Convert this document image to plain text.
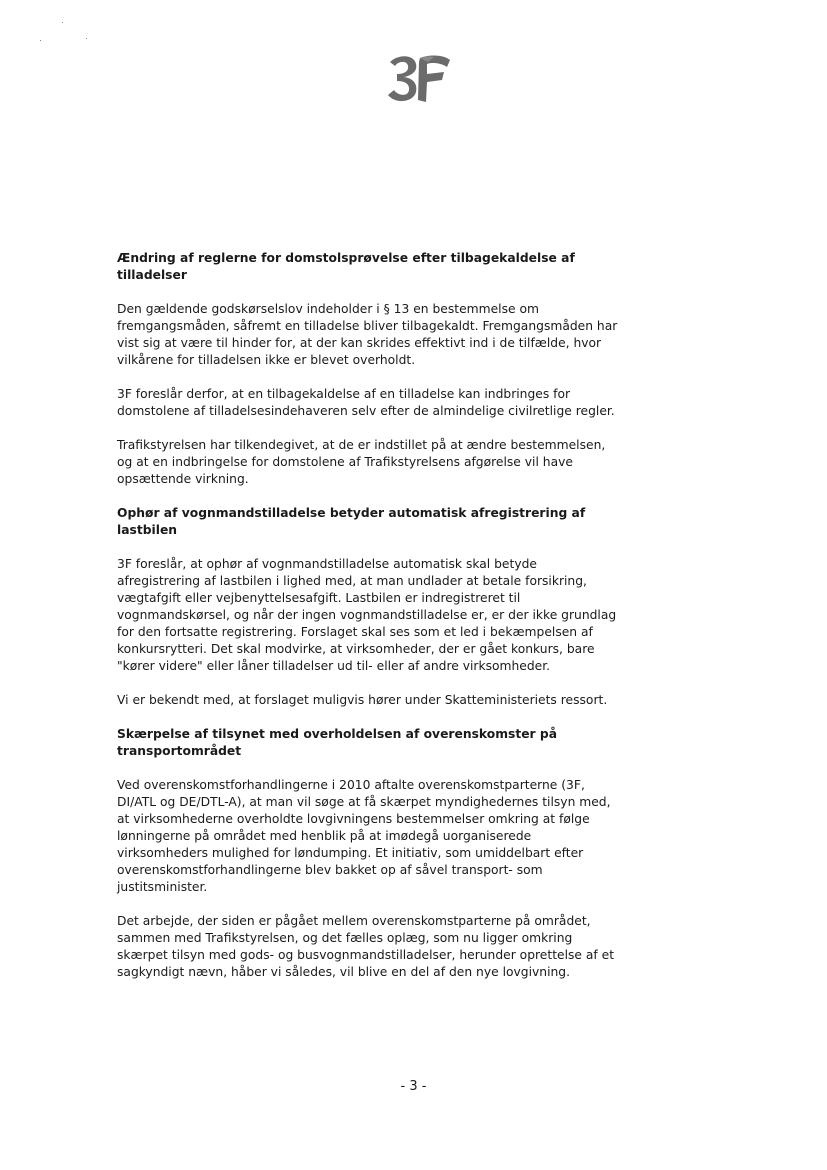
Ændring af reglerne for domstolsprøvelse efter tilbagekaldelse af tilladelser

Den gældende godskørselslov indeholder i § 13 en bestemmelse om fremgangsmåden, såfremt en tilladelse bliver tilbagekaldt. Fremgangsmåden har vist sig at være til hinder for, at der kan skrides effektivt ind i de tilfælde, hvor vilkårene for tilladelsen ikke er blevet overholdt.

3F foreslår derfor, at en tilbagekaldelse af en tilladelse kan indbringes for domstolene af tilladelsesindehaveren selv efter de almindelige civilretlige regler.

Trafikstyrelsen har tilkendegivet, at de er indstillet på at ændre bestemmelsen, og at en indbringelse for domstolene af Trafikstyrelsens afgørelse vil have opsættende virkning.

Ophør af vognmandstilladelse betyder automatisk afregistrering af lastbilen

3F foreslår, at ophør af vognmandstilladelse automatisk skal betyde afregistrering af lastbilen i lighed med, at man undlader at betale forsikring, vægtafgift eller vejbenyttelsesafgift. Lastbilen er indregistreret til vognmandskørsel, og når der ingen vognmandstilladelse er, er der ikke grundlag for den fortsatte registrering. Forslaget skal ses som et led i bekæmpelsen af konkursrytteri. Det skal modvirke, at virksomheder, der er gået konkurs, bare "kører videre" eller låner tilladelser ud til- eller af andre virksomheder.

Vi er bekendt med, at forslaget muligvis hører under Skatteministeriets ressort.

Skærpelse af tilsynet med overholdelsen af overenskomster på transportområdet

Ved overenskomstforhandlingerne i 2010 aftalte overenskomstparterne (3F, DI/ATL og DE/DTL-A), at man vil søge at få skærpet myndighedernes tilsyn med, at virksomhederne overholdte lovgivningens bestemmelser omkring at følge lønningerne på området med henblik på at imødegå uorganiserede virksomheders mulighed for løndumping. Et initiativ, som umiddelbart efter overenskomstforhandlingerne blev bakket op af såvel transport- som justitsminister.

Det arbejde, der siden er pågået mellem overenskomstparterne på området, sammen med Trafikstyrelsen, og det fælles oplæg, som nu ligger omkring skærpet tilsyn med gods- og busvognmandstilladelser, herunder oprettelse af et sagkyndigt nævn, håber vi således, vil blive en del af den nye lovgivning.

- 3 -
